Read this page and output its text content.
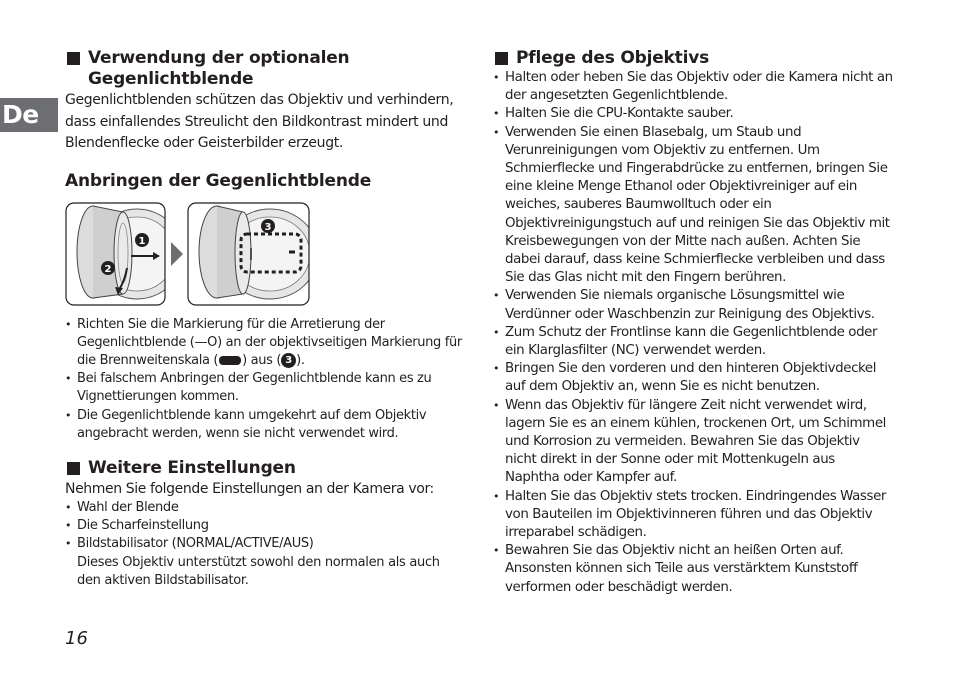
De
Verwendung der optionalen Gegenlichtblende

Gegenlichtblenden schützen das Objektiv und verhindern, dass einfallendes Streulicht den Bildkontrast mindert und Blendenflecke oder Geisterbilder erzeugt.

Anbringen der Gegenlichtblende
1
2
3
• Richten Sie die Markierung für die Arretierung der Gegenlichtblende (—O) an der objektivseitigen Markierung für die Brennweitenskala ( ) aus ( 3 ).
• Bei falschem Anbringen der Gegenlichtblende kann es zu Vignettierungen kommen.
• Die Gegenlichtblende kann umgekehrt auf dem Objektiv angebracht werden, wenn sie nicht verwendet wird.
Weitere Einstellungen

Nehmen Sie folgende Einstellungen an der Kamera vor:

• Wahl der Blende
• Die Scharfeinstellung
• Bildstabilisator (NORMAL/ACTIVE/AUS)
Dieses Objektiv unterstützt sowohl den normalen als auch den aktiven Bildstabilisator.
Pflege des Objektivs
• Halten oder heben Sie das Objektiv oder die Kamera nicht an der angesetzten Gegenlichtblende.
• Halten Sie die CPU-Kontakte sauber.
• Verwenden Sie einen Blasebalg, um Staub und Verunreinigungen vom Objektiv zu entfernen. Um Schmierflecke und Fingerabdrücke zu entfernen, bringen Sie eine kleine Menge Ethanol oder Objektivreiniger auf ein weiches, sauberes Baumwolltuch oder ein Objektivreinigungstuch auf und reinigen Sie das Objektiv mit Kreisbewegungen von der Mitte nach außen. Achten Sie dabei darauf, dass keine Schmierflecke verbleiben und dass Sie das Glas nicht mit den Fingern berühren.
• Verwenden Sie niemals organische Lösungsmittel wie Verdünner oder Waschbenzin zur Reinigung des Objektivs.
• Zum Schutz der Frontlinse kann die Gegenlichtblende oder ein Klarglasfilter (NC) verwendet werden.
• Bringen Sie den vorderen und den hinteren Objektivdeckel auf dem Objektiv an, wenn Sie es nicht benutzen.
• Wenn das Objektiv für längere Zeit nicht verwendet wird, lagern Sie es an einem kühlen, trockenen Ort, um Schimmel und Korrosion zu vermeiden. Bewahren Sie das Objektiv nicht direkt in der Sonne oder mit Mottenkugeln aus Naphtha oder Kampfer auf.
• Halten Sie das Objektiv stets trocken. Eindringendes Wasser von Bauteilen im Objektivinneren führen und das Objektiv irreparabel schädigen.
• Bewahren Sie das Objektiv nicht an heißen Orten auf. Ansonsten können sich Teile aus verstärktem Kunststoff verformen oder beschädigt werden.
16
